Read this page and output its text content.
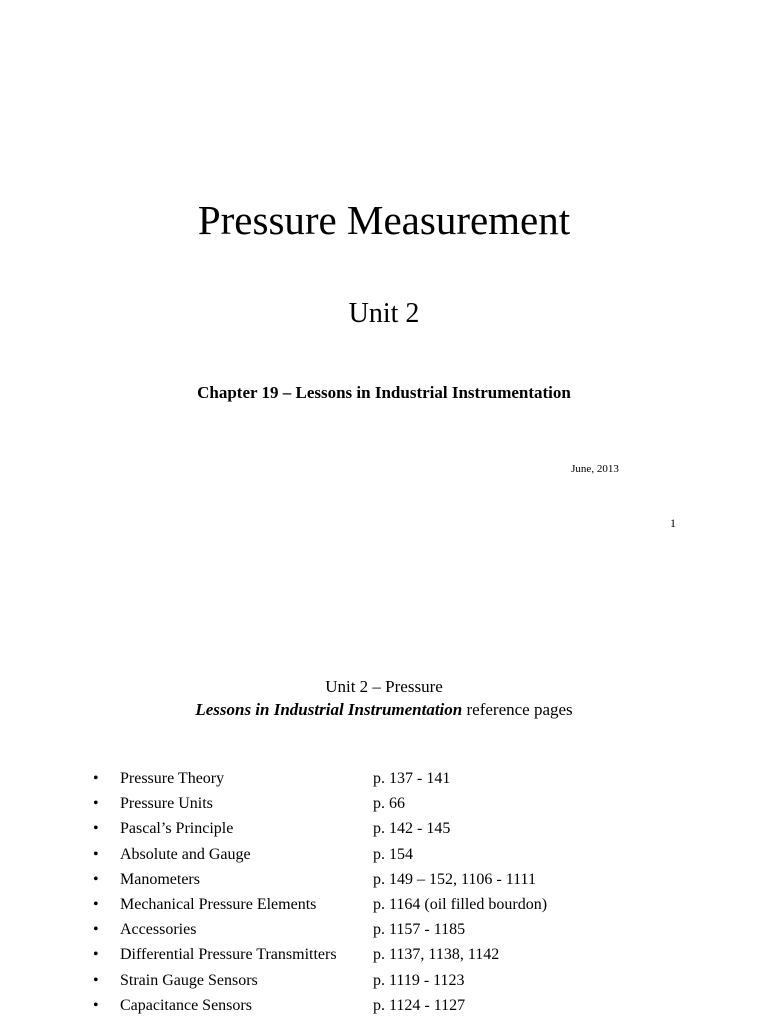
Pressure Measurement
Unit 2
Chapter 19 – Lessons in Industrial Instrumentation
June, 2013
1
Unit 2 – Pressure
Lessons in Industrial Instrumentation reference pages
• Pressure Theory	p. 137 - 141
• Pressure Units	p. 66
• Pascal’s Principle	p. 142 - 145
• Absolute and Gauge	p. 154
• Manometers	p. 149 – 152, 1106 - 1111
• Mechanical Pressure Elements	p. 1164 (oil filled bourdon)
• Accessories	p. 1157 - 1185
• Differential Pressure Transmitters p. 1137, 1138, 1142
• Strain Gauge Sensors	p. 1119 - 1123
• Capacitance Sensors	p. 1124 - 1127
